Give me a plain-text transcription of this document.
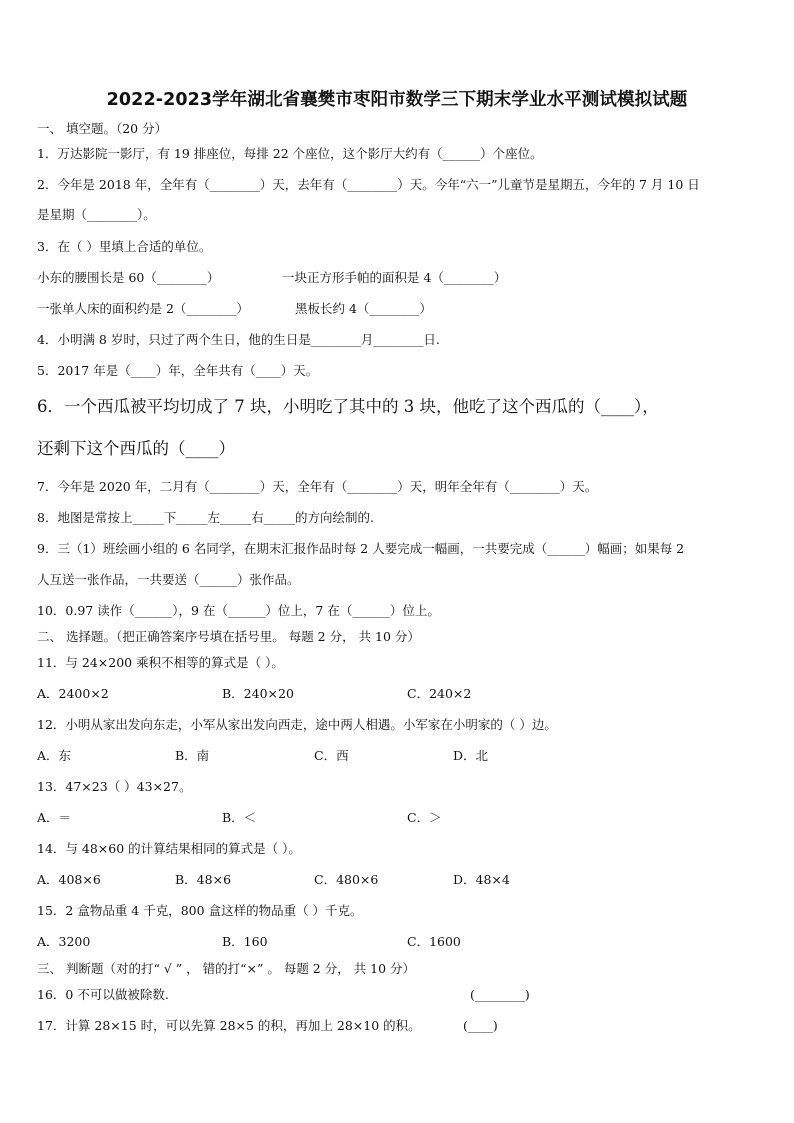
2022-2023学年湖北省襄樊市枣阳市数学三下期末学业水平测试模拟试题
一、 填空题。（20 分）
1．万达影院一影厅，有 19 排座位，每排 22 个座位，这个影厅大约有（______）个座位。
2．今年是 2018 年，全年有（________）天，去年有（________）天。今年“六一”儿童节是星期五，今年的 7 月 10 日
是星期（________）。
3．在（ ）里填上合适的单位。
小东的腰围长是 60（________）	一块正方形手帕的面积是 4（________）
一张单人床的面积约是 2（________）	黑板长约 4（________）
4．小明满 8 岁时，只过了两个生日，他的生日是________月________日.
5．2017 年是（____）年，全年共有（____）天。
6．一个西瓜被平均切成了 7 块，小明吃了其中的 3 块，他吃了这个西瓜的（____），
还剩下这个西瓜的（____）
7．今年是 2020 年，二月有（________）天，全年有（________）天，明年全年有（________）天。
8．地图是常按上_____下_____左_____右_____的方向绘制的.
9．三（1）班绘画小组的 6 名同学，在期末汇报作品时每 2 人要完成一幅画，一共要完成（______）幅画；如果每 2
人互送一张作品，一共要送（______）张作品。
10．0.97 读作（______），9 在（______）位上，7 在（______）位上。
二、 选择题。（把正确答案序号填在括号里。 每题 2 分， 共 10 分）
11．与 24×200 乘积不相等的算式是（ ）。
A．2400×2	B．240×20	C．240×2
12．小明从家出发向东走，小军从家出发向西走，途中两人相遇。小军家在小明家的（ ）边。
A．东	B．南	C．西	D．北
13．47×23（ ）43×27。
A．＝	B．＜	C．＞
14．与 48×60 的计算结果相同的算式是（ ）。
A．408×6	B．48×6	C．480×6	D．48×4
15．2 盒物品重 4 千克，800 盒这样的物品重（ ）千克。
A．3200	B．160	C．1600
三、 判断题（对的打“ √ ” ， 错的打“×” 。 每题 2 分， 共 10 分）
16．0 不可以做被除数.	(________)
17．计算 28×15 时，可以先算 28×5 的积，再加上 28×10 的积。	(____)
